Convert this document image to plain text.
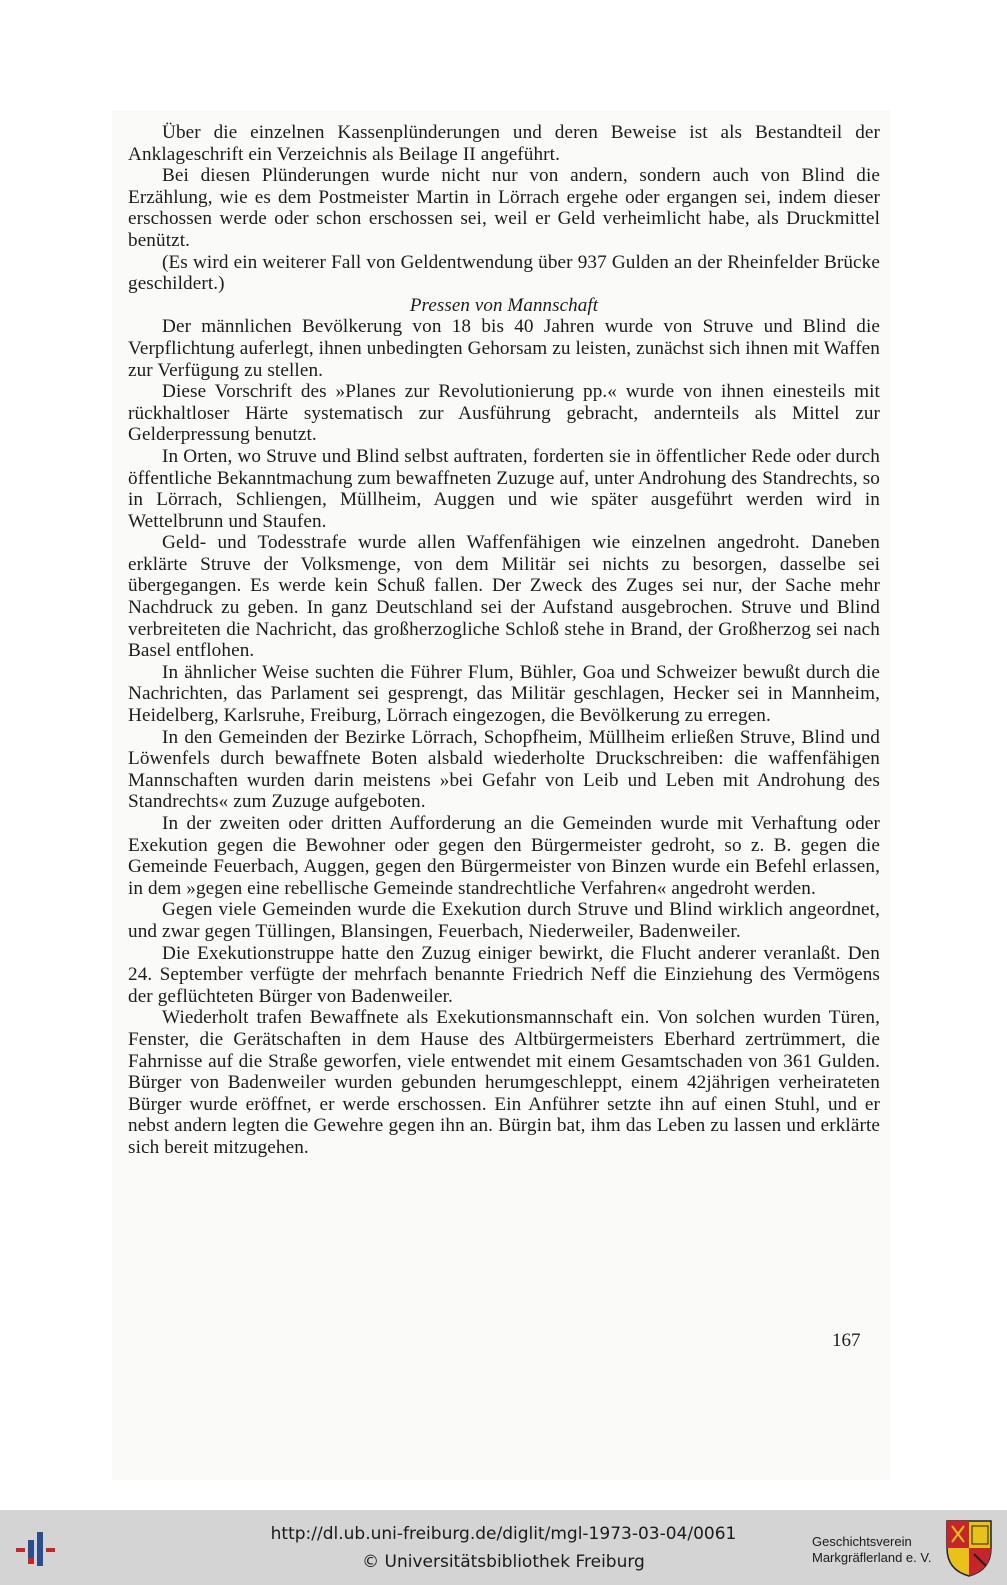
Über die einzelnen Kassenplünderungen und deren Beweise ist als Bestandteil der Anklageschrift ein Verzeichnis als Beilage II angeführt.

Bei diesen Plünderungen wurde nicht nur von andern, sondern auch von Blind die Erzählung, wie es dem Postmeister Martin in Lörrach ergehe oder ergangen sei, indem dieser erschossen werde oder schon erschossen sei, weil er Geld verheimlicht habe, als Druckmittel benützt.

(Es wird ein weiterer Fall von Geldentwendung über 937 Gulden an der Rheinfelder Brücke geschildert.)

Pressen von Mannschaft

Der männlichen Bevölkerung von 18 bis 40 Jahren wurde von Struve und Blind die Verpflichtung auferlegt, ihnen unbedingten Gehorsam zu leisten, zunächst sich ihnen mit Waffen zur Verfügung zu stellen.

Diese Vorschrift des »Planes zur Revolutionierung pp.« wurde von ihnen einesteils mit rückhaltloser Härte systematisch zur Ausführung gebracht, andernteils als Mittel zur Gelderpressung benutzt.

In Orten, wo Struve und Blind selbst auftraten, forderten sie in öffentlicher Rede oder durch öffentliche Bekanntmachung zum bewaffneten Zuzuge auf, unter Androhung des Standrechts, so in Lörrach, Schliengen, Müllheim, Auggen und wie später ausgeführt werden wird in Wettelbrunn und Staufen.

Geld- und Todesstrafe wurde allen Waffenfähigen wie einzelnen angedroht. Daneben erklärte Struve der Volksmenge, von dem Militär sei nichts zu besorgen, dasselbe sei übergegangen. Es werde kein Schuß fallen. Der Zweck des Zuges sei nur, der Sache mehr Nachdruck zu geben. In ganz Deutschland sei der Aufstand ausgebrochen. Struve und Blind verbreiteten die Nachricht, das großherzogliche Schloß stehe in Brand, der Großherzog sei nach Basel entflohen.

In ähnlicher Weise suchten die Führer Flum, Bühler, Goa und Schweizer bewußt durch die Nachrichten, das Parlament sei gesprengt, das Militär geschlagen, Hecker sei in Mannheim, Heidelberg, Karlsruhe, Freiburg, Lörrach eingezogen, die Bevölkerung zu erregen.

In den Gemeinden der Bezirke Lörrach, Schopfheim, Müllheim erließen Struve, Blind und Löwenfels durch bewaffnete Boten alsbald wiederholte Druckschreiben: die waffenfähigen Mannschaften wurden darin meistens »bei Gefahr von Leib und Leben mit Androhung des Standrechts« zum Zuzuge aufgeboten.

In der zweiten oder dritten Aufforderung an die Gemeinden wurde mit Verhaftung oder Exekution gegen die Bewohner oder gegen den Bürgermeister gedroht, so z. B. gegen die Gemeinde Feuerbach, Auggen, gegen den Bürgermeister von Binzen wurde ein Befehl erlassen, in dem »gegen eine rebellische Gemeinde standrechtliche Verfahren« angedroht werden.

Gegen viele Gemeinden wurde die Exekution durch Struve und Blind wirklich angeordnet, und zwar gegen Tüllingen, Blansingen, Feuerbach, Niederweiler, Badenweiler.

Die Exekutionstruppe hatte den Zuzug einiger bewirkt, die Flucht anderer veranlaßt. Den 24. September verfügte der mehrfach benannte Friedrich Neff die Einziehung des Vermögens der geflüchteten Bürger von Badenweiler.

Wiederholt trafen Bewaffnete als Exekutionsmannschaft ein. Von solchen wurden Türen, Fenster, die Gerätschaften in dem Hause des Altbürgermeisters Eberhard zertrümmert, die Fahrnisse auf die Straße geworfen, viele entwendet mit einem Gesamtschaden von 361 Gulden. Bürger von Badenweiler wurden gebunden herumgeschleppt, einem 42jährigen verheirateten Bürger wurde eröffnet, er werde erschossen. Ein Anführer setzte ihn auf einen Stuhl, und er nebst andern legten die Gewehre gegen ihn an. Bürgin bat, ihm das Leben zu lassen und erklärte sich bereit mitzugehen.

167
http://dl.ub.uni-freiburg.de/diglit/mgl-1973-03-04/0061
© Universitätsbibliothek Freiburg
Geschichtsverein
Markgräflerland e. V.
